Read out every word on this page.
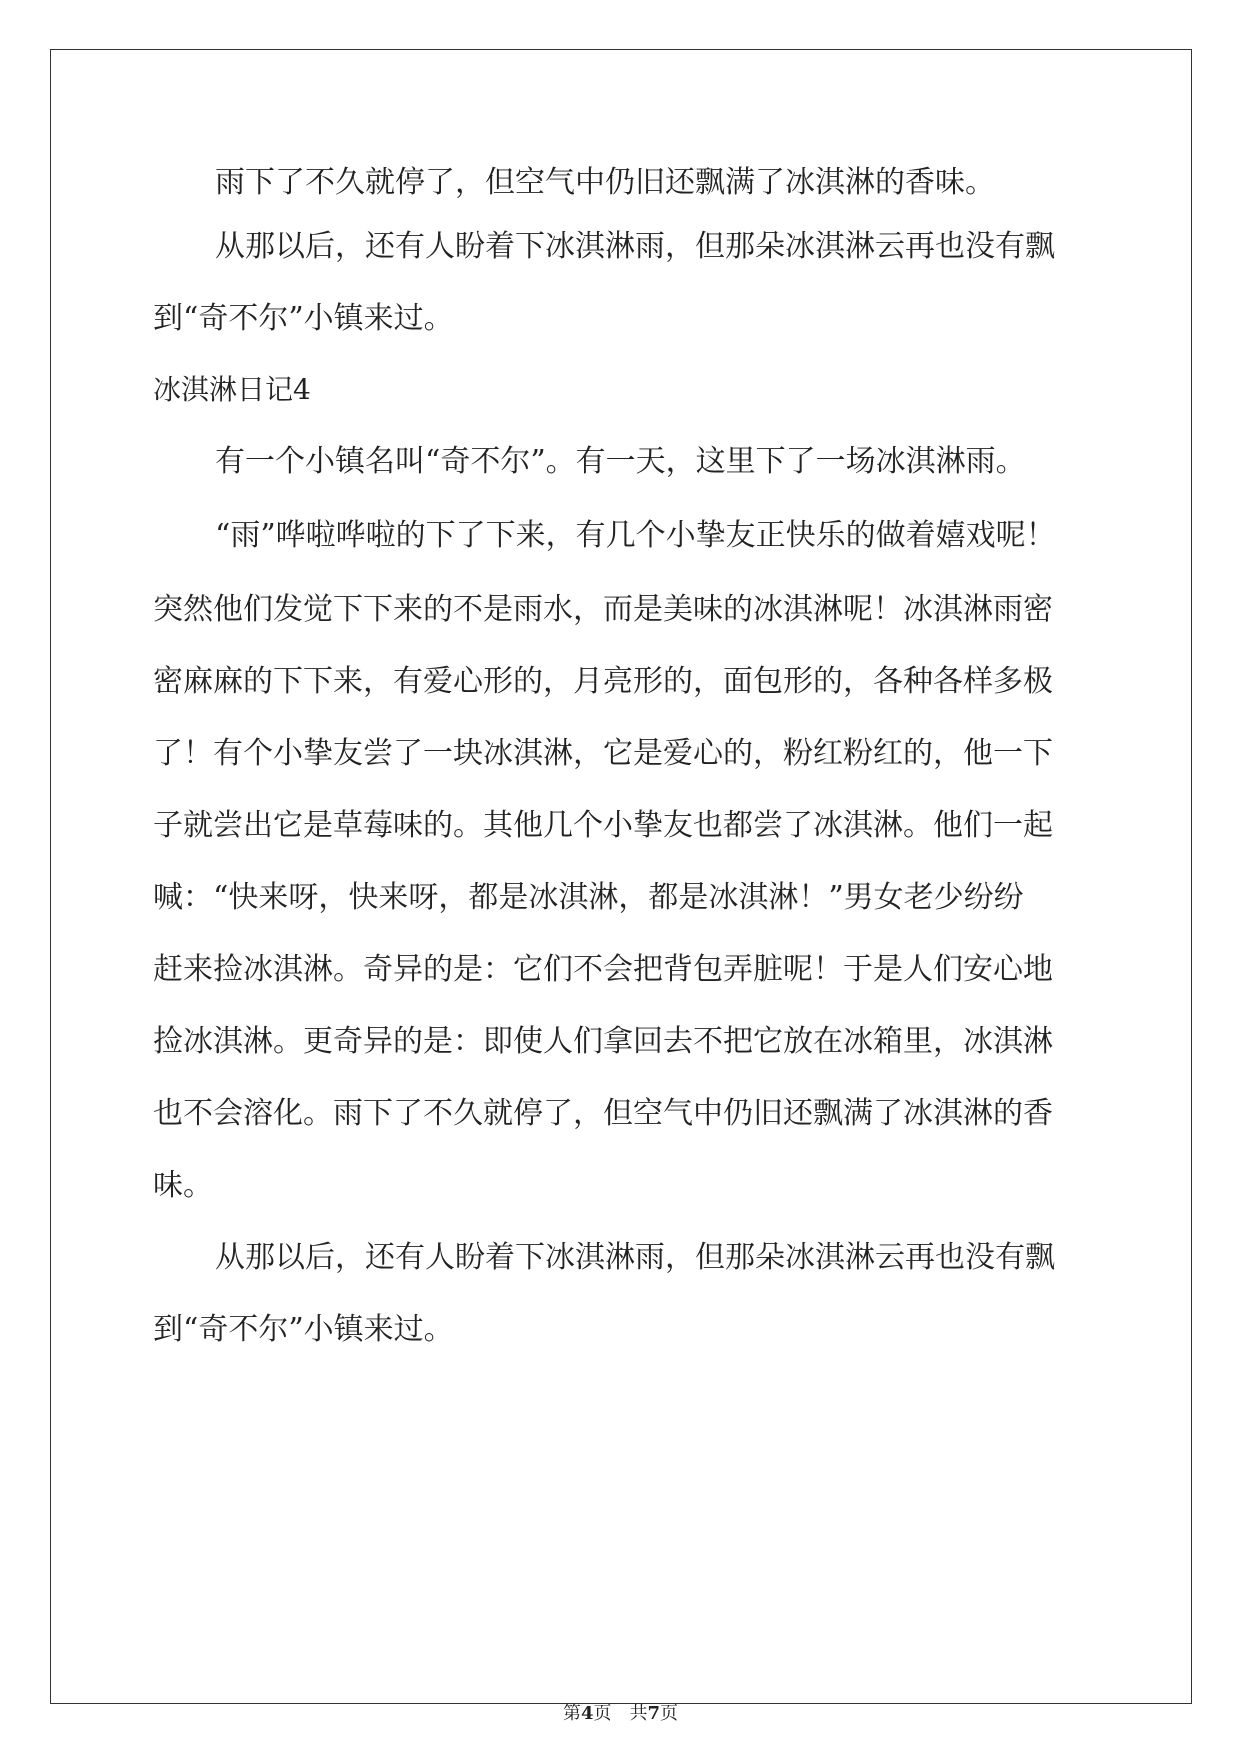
雨下了不久就停了，但空气中仍旧还飘满了冰淇淋的香味。
从那以后，还有人盼着下冰淇淋雨，但那朵冰淇淋云再也没有飘
到“奇不尔”小镇来过。
冰淇淋日记4
有一个小镇名叫“奇不尔”。有一天，这里下了一场冰淇淋雨。
“雨”哗啦哗啦的下了下来，有几个小挚友正快乐的做着嬉戏呢！
突然他们发觉下下来的不是雨水，而是美味的冰淇淋呢！冰淇淋雨密
密麻麻的下下来，有爱心形的，月亮形的，面包形的，各种各样多极
了！有个小挚友尝了一块冰淇淋，它是爱心的，粉红粉红的，他一下
子就尝出它是草莓味的。其他几个小挚友也都尝了冰淇淋。他们一起
喊：“快来呀，快来呀，都是冰淇淋，都是冰淇淋！”男女老少纷纷
赶来捡冰淇淋。奇异的是：它们不会把背包弄脏呢！于是人们安心地
捡冰淇淋。更奇异的是：即使人们拿回去不把它放在冰箱里，冰淇淋
也不会溶化。雨下了不久就停了，但空气中仍旧还飘满了冰淇淋的香
味。
从那以后，还有人盼着下冰淇淋雨，但那朵冰淇淋云再也没有飘
到“奇不尔”小镇来过。
第4页 共7页
